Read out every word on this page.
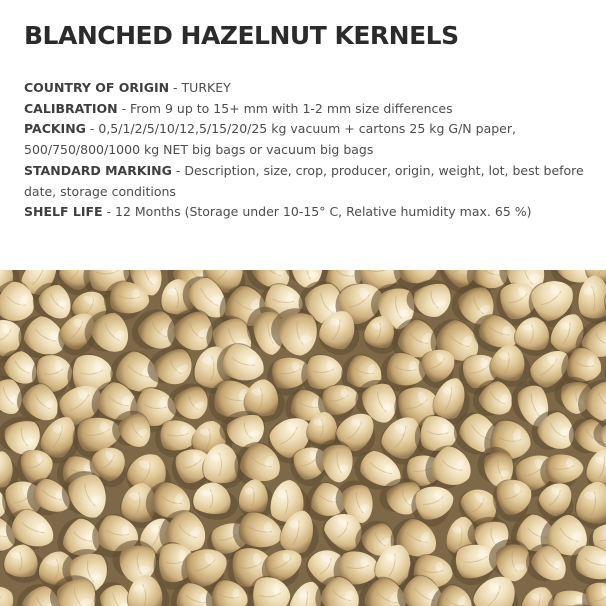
BLANCHED HAZELNUT KERNELS

COUNTRY OF ORIGIN - TURKEY

CALIBRATION - From 9 up to 15+ mm with 1-2 mm size differences

PACKING - 0,5/1/2/5/10/12,5/15/20/25 kg vacuum + cartons 25 kg G/N paper, 500/750/800/1000 kg NET big bags or vacuum big bags

STANDARD MARKING - Description, size, crop, producer, origin, weight, lot, best before date, storage conditions

SHELF LIFE - 12 Months (Storage under 10-15° C, Relative humidity max. 65 %)
